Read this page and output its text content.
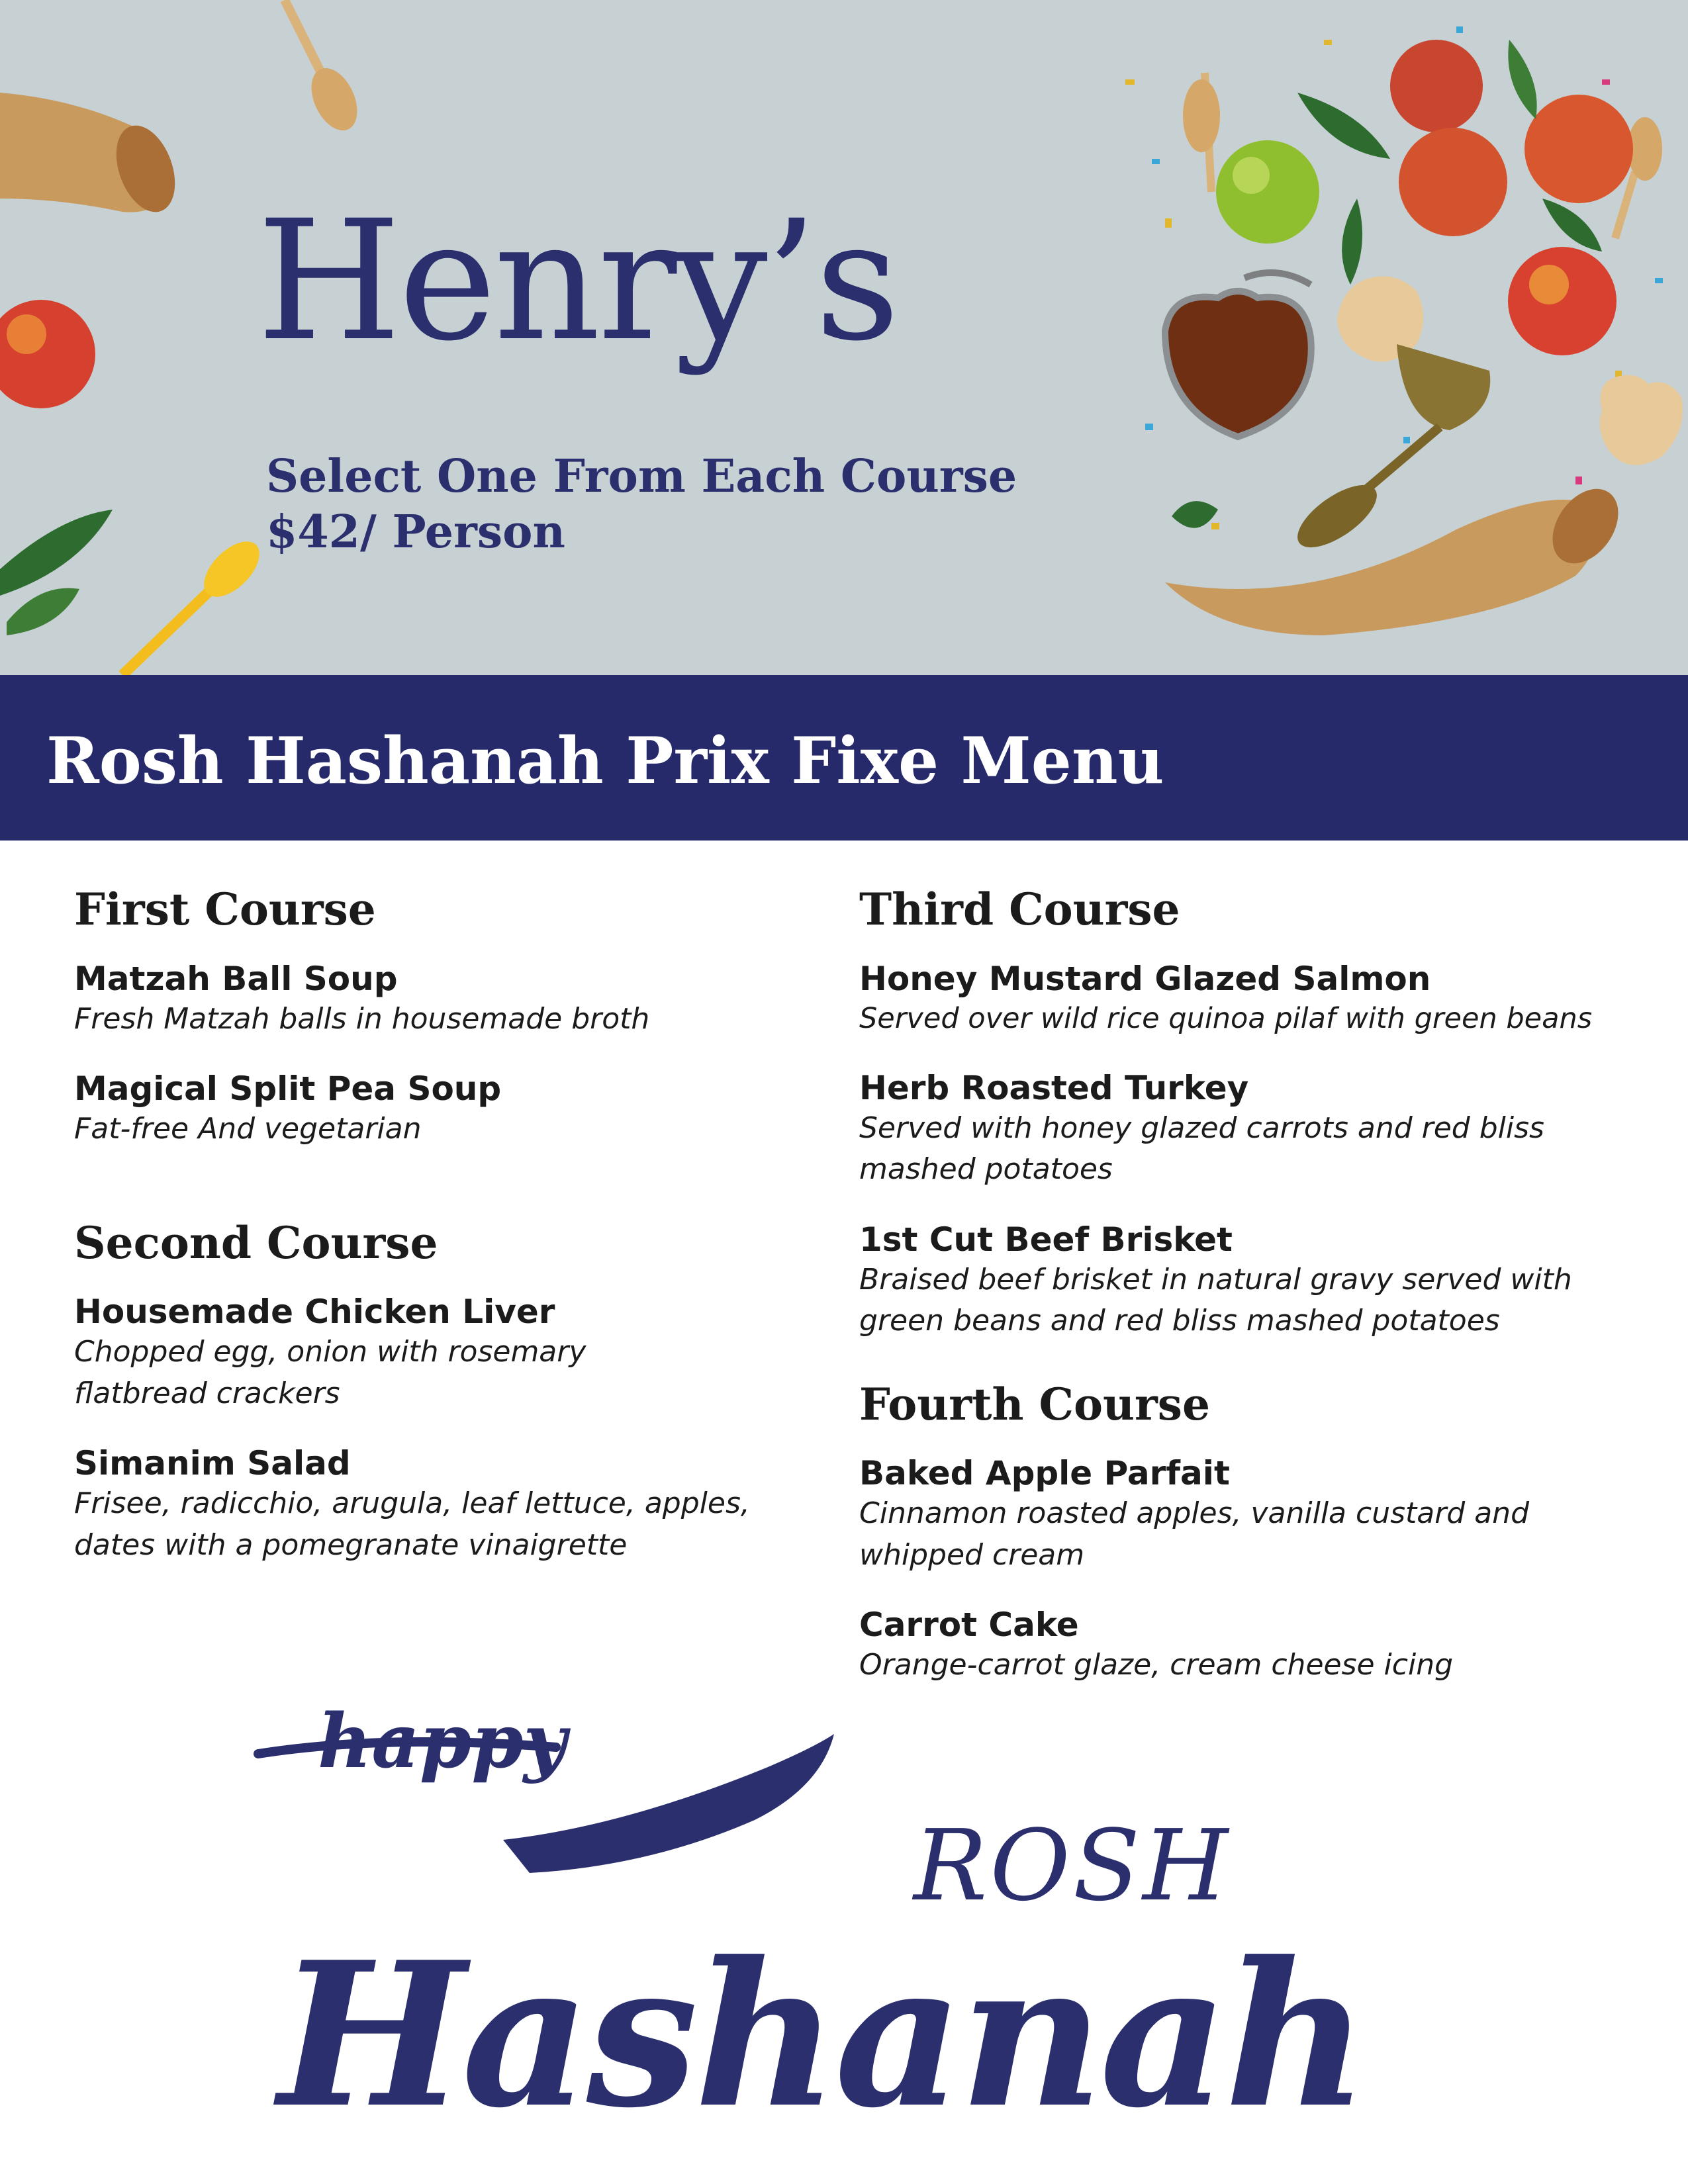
Henry’s
Select One From Each Course
$42/ Person
Rosh Hashanah Prix Fixe Menu
First Course
Matzah Ball Soup
Fresh Matzah balls in housemade broth
Magical Split Pea Soup
Fat-free And vegetarian
Second Course
Housemade Chicken Liver
Chopped egg, onion with rosemary flatbread crackers
Simanim Salad
Frisee, radicchio, arugula, leaf lettuce, apples, dates with a pomegranate vinaigrette
Third Course
Honey Mustard Glazed Salmon
Served over wild rice quinoa pilaf with green beans
Herb Roasted Turkey
Served with honey glazed carrots and red bliss mashed potatoes
1st Cut Beef Brisket
Braised beef brisket in natural gravy served with green beans and red bliss mashed potatoes
Fourth Course
Baked Apple Parfait
Cinnamon roasted apples, vanilla custard and whipped cream
Carrot Cake
Orange-carrot glaze, cream cheese icing
happy
ROSH
Hashanah
